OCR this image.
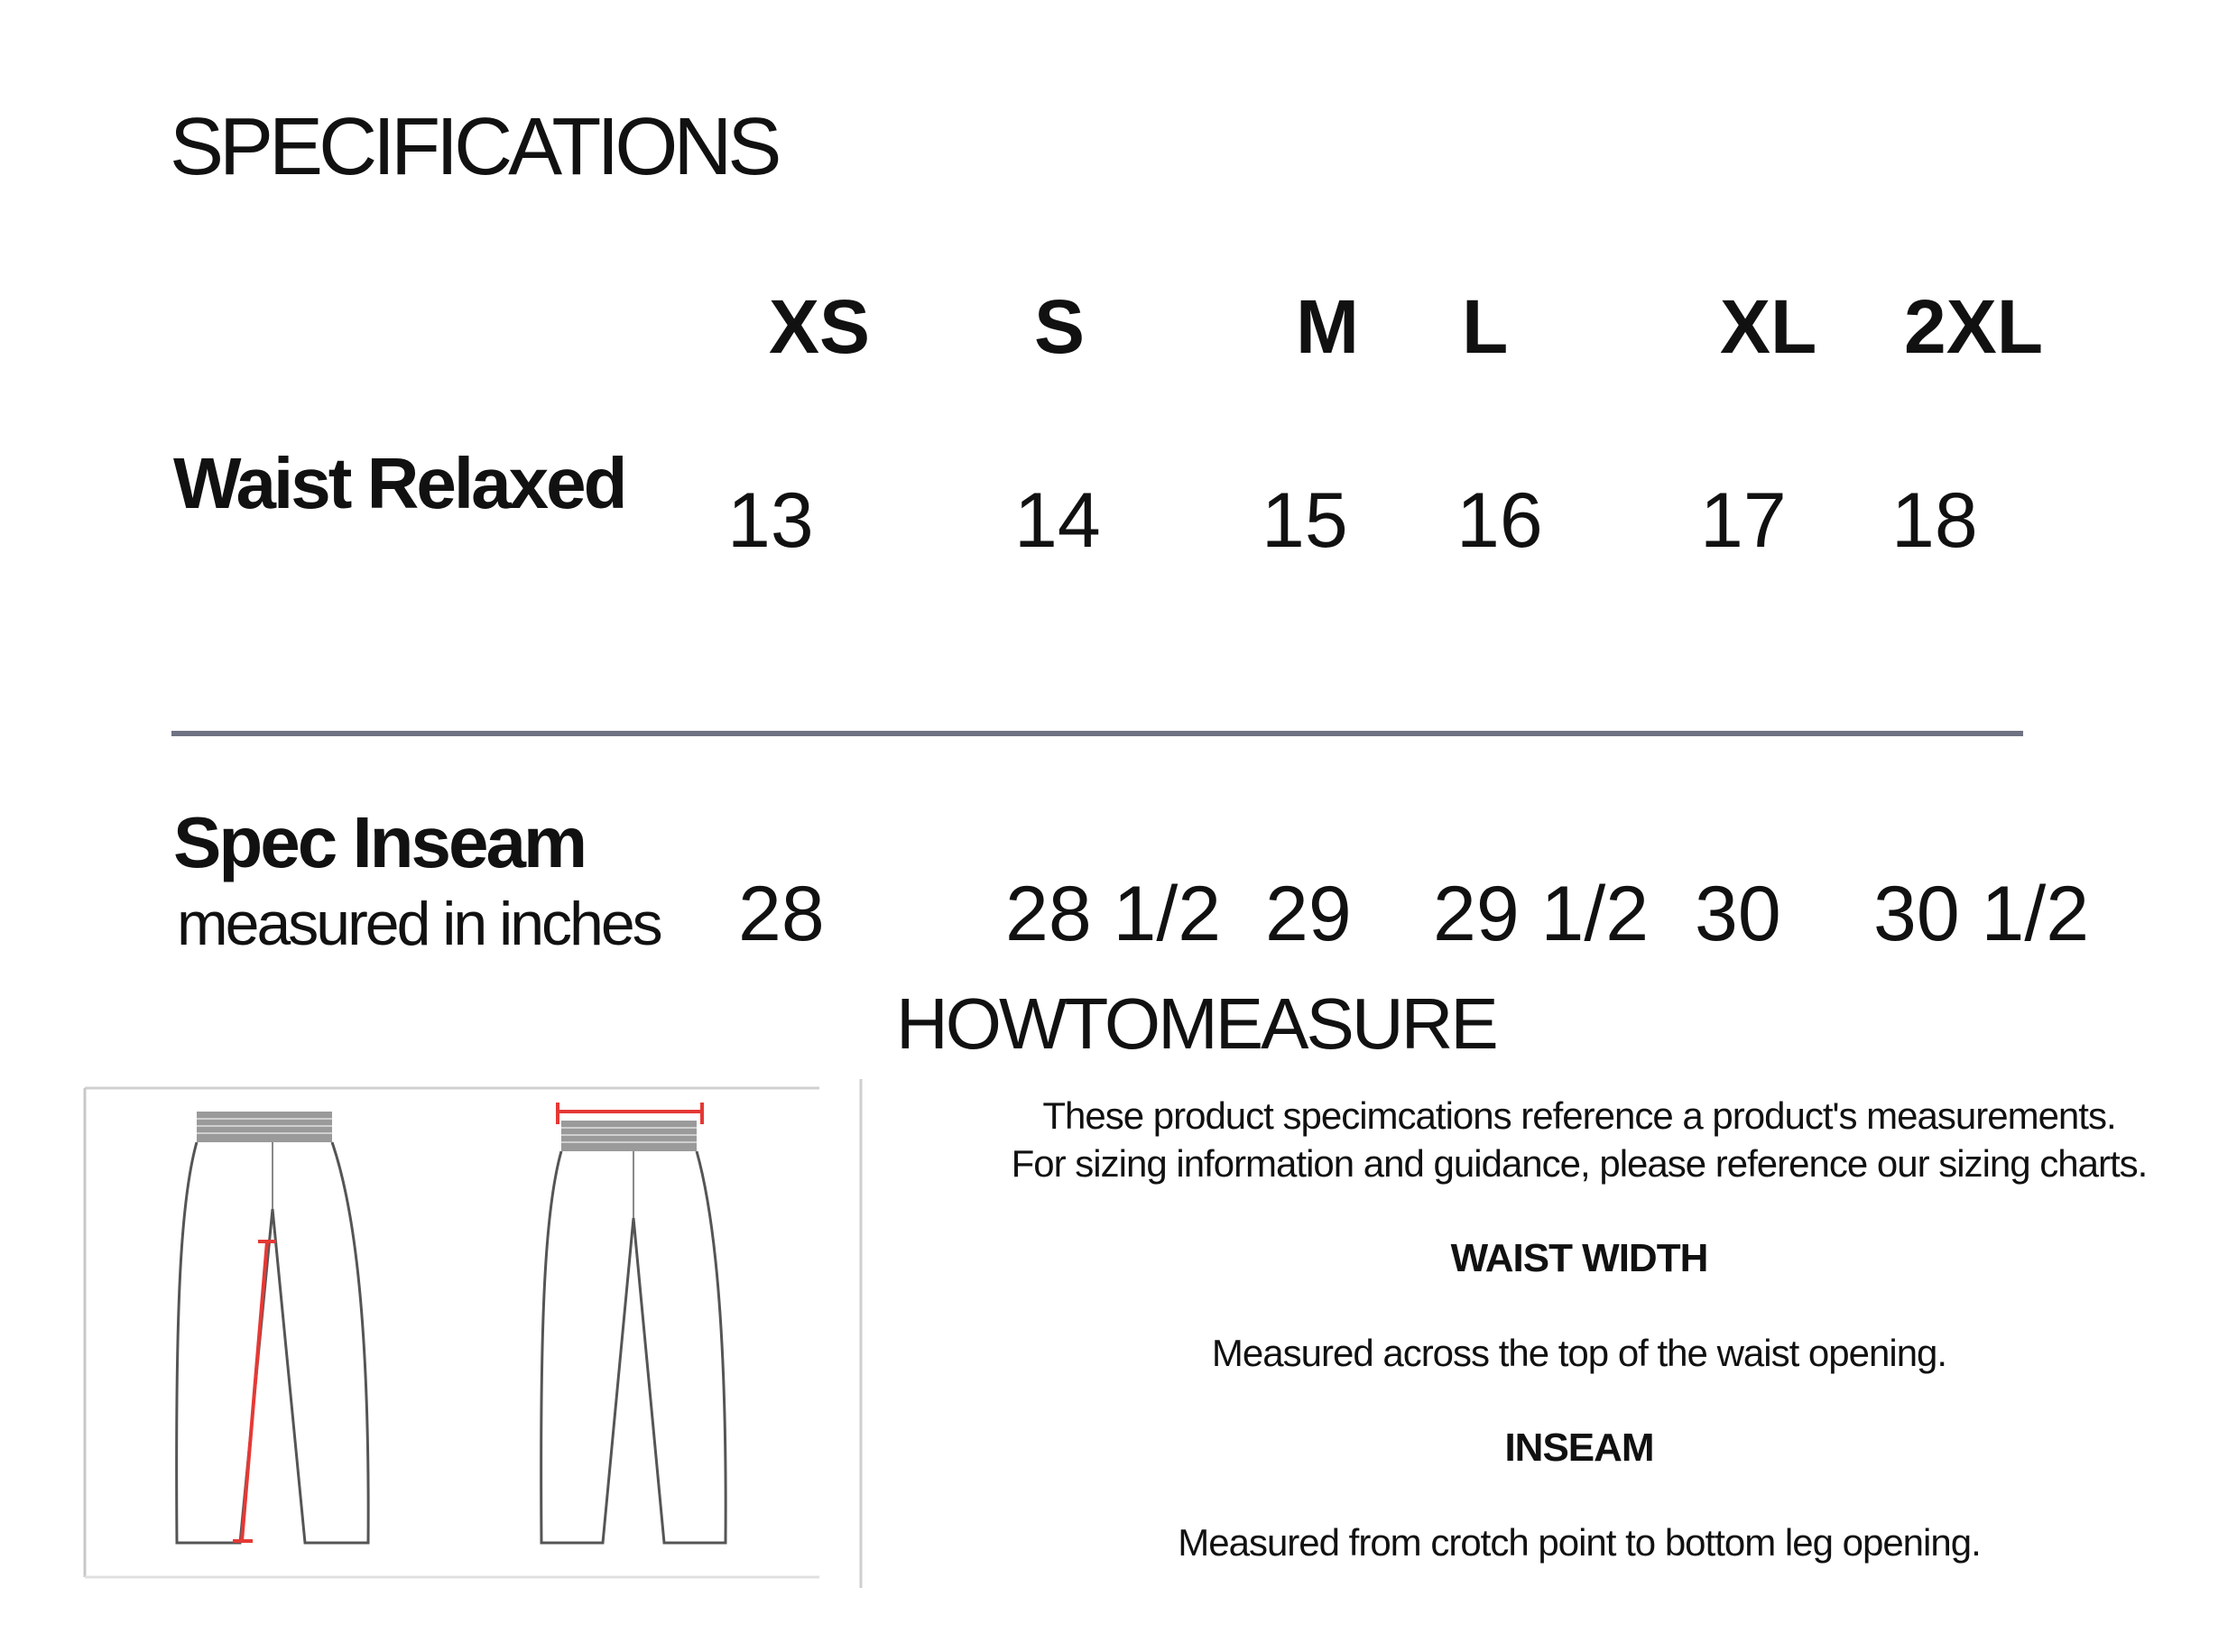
SPECIFICATIONS
XS S	M L	XL 2XL
Waist Relaxed 13	14 15 16 17 18
Spec Inseam
measured in inches 28 28 1/2 29 29 1/2 30 30 1/2
HOWTOMEASURE

These product specimcations reference a product's measurements.

For sizing information and guidance, please reference our sizing charts.

WAIST WIDTH

Measured across the top of the waist opening.

INSEAM

Measured from crotch point to bottom leg opening.
